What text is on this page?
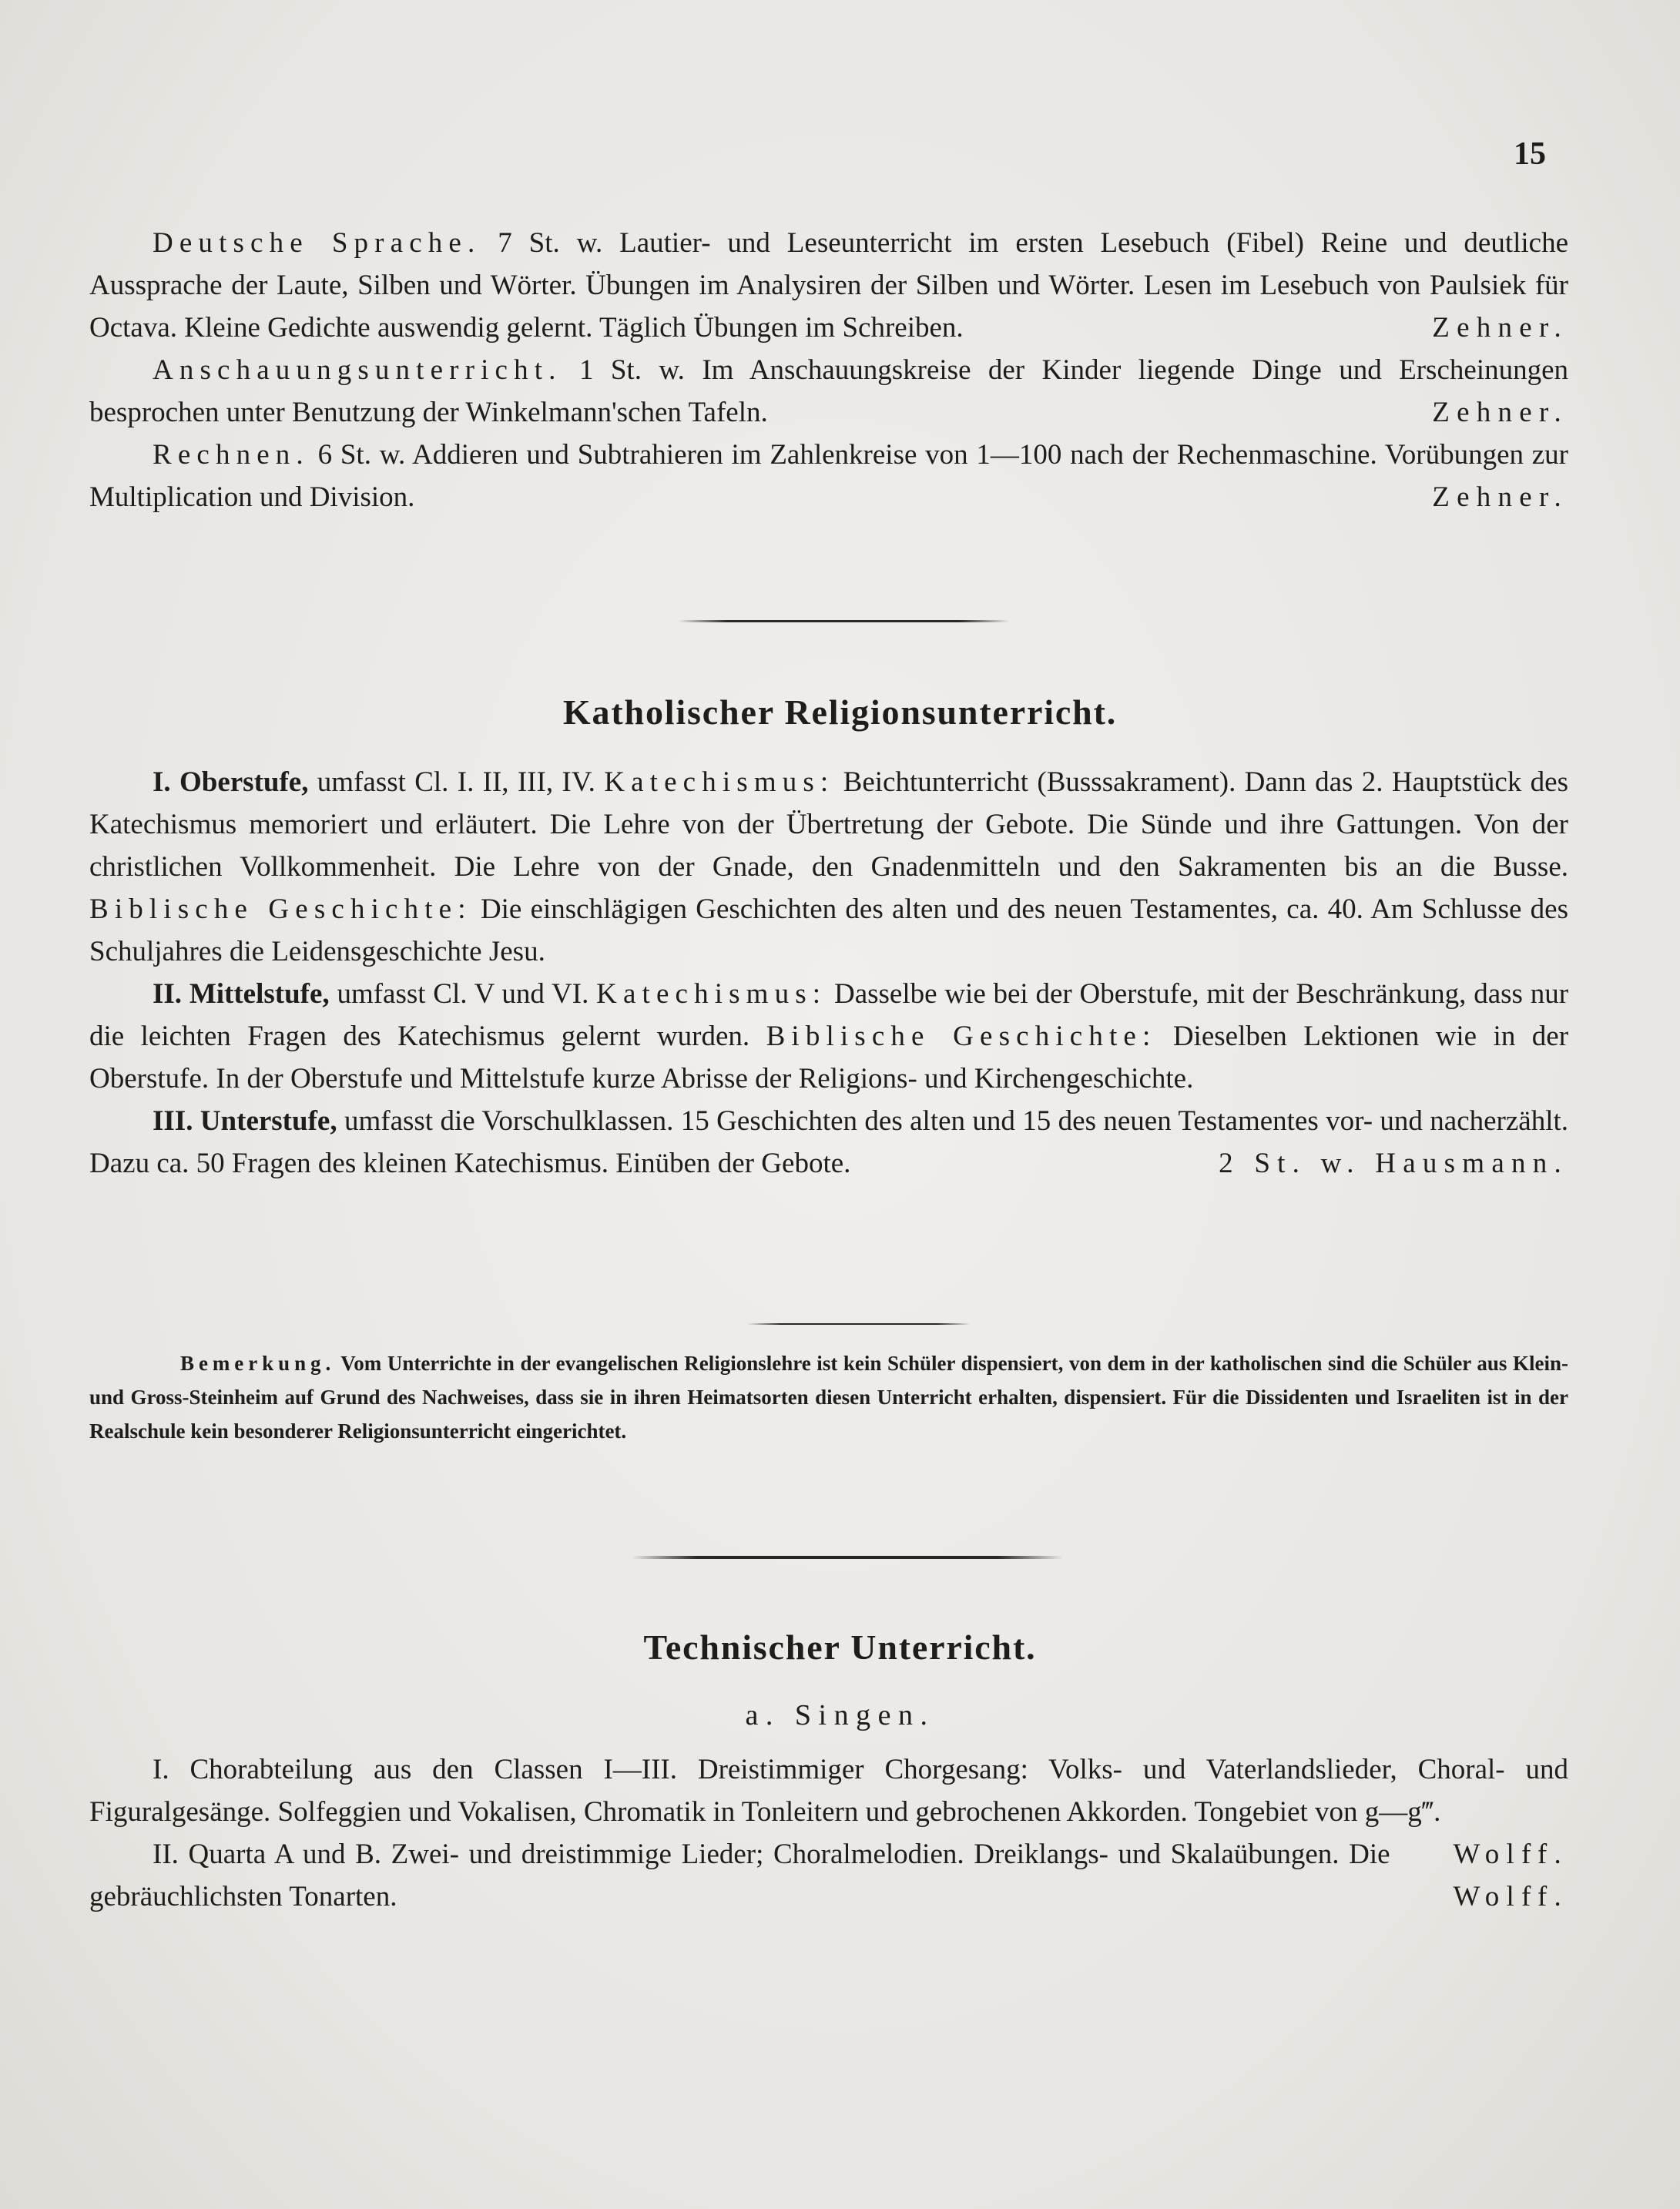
15

Deutsche Sprache. 7 St. w. Lautier- und Leseunterricht im ersten Lesebuch (Fibel) Reine und deutliche Aussprache der Laute, Silben und Wörter. Übungen im Analysiren der Silben und Wörter. Lesen im Lesebuch von Paulsiek für Octava. Kleine Gedichte auswendig gelernt. Täglich Übungen im Schreiben.	Zehner.

Anschauungsunterricht. 1 St. w. Im Anschauungskreise der Kinder liegende Dinge und Erscheinungen besprochen unter Benutzung der Winkelmann'schen Tafeln.	Zehner.

Rechnen. 6 St. w. Addieren und Subtrahieren im Zahlenkreise von 1—100 nach der Rechenmaschine. Vorübungen zur Multiplication und Division.	Zehner.

Katholischer Religionsunterricht.

I. Oberstufe, umfasst Cl. I. II, III, IV. Katechismus: Beichtunterricht (Busssakrament). Dann das 2. Hauptstück des Katechismus memoriert und erläutert. Die Lehre von der Übertretung der Gebote. Die Sünde und ihre Gattungen. Von der christlichen Vollkommenheit. Die Lehre von der Gnade, den Gnadenmitteln und den Sakramenten bis an die Busse. Biblische Geschichte: Die einschlägigen Geschichten des alten und des neuen Testamentes, ca. 40. Am Schlusse des Schuljahres die Leidensgeschichte Jesu.

II. Mittelstufe, umfasst Cl. V und VI. Katechismus: Dasselbe wie bei der Oberstufe, mit der Beschränkung, dass nur die leichten Fragen des Katechismus gelernt wurden. Biblische Geschichte: Dieselben Lektionen wie in der Oberstufe. In der Oberstufe und Mittelstufe kurze Abrisse der Religions- und Kirchengeschichte.

III. Unterstufe, umfasst die Vorschulklassen. 15 Geschichten des alten und 15 des neuen Testamentes vor- und nacherzählt. Dazu ca. 50 Fragen des kleinen Katechismus. Einüben der Gebote.	2 St. w. Hausmann.

Bemerkung. Vom Unterrichte in der evangelischen Religionslehre ist kein Schüler dispensiert, von dem in der katholischen sind die Schüler aus Klein- und Gross-Steinheim auf Grund des Nachweises, dass sie in ihren Heimatsorten diesen Unterricht erhalten, dispensiert. Für die Dissidenten und Israeliten ist in der Realschule kein besonderer Religionsunterricht eingerichtet.

Technischer Unterricht.
a. Singen.

I. Chorabteilung aus den Classen I—III. Dreistimmiger Chorgesang: Volks- und Vaterlandslieder, Choral- und Figuralgesänge. Solfeggien und Vokalisen, Chromatik in Tonleitern und gebrochenen Akkorden. Tongebiet von g—g‴.
Wolff.

II. Quarta A und B. Zwei- und dreistimmige Lieder; Choralmelodien. Dreiklangs- und Skalaübungen. Die gebräuchlichsten Tonarten.	Wolff.
